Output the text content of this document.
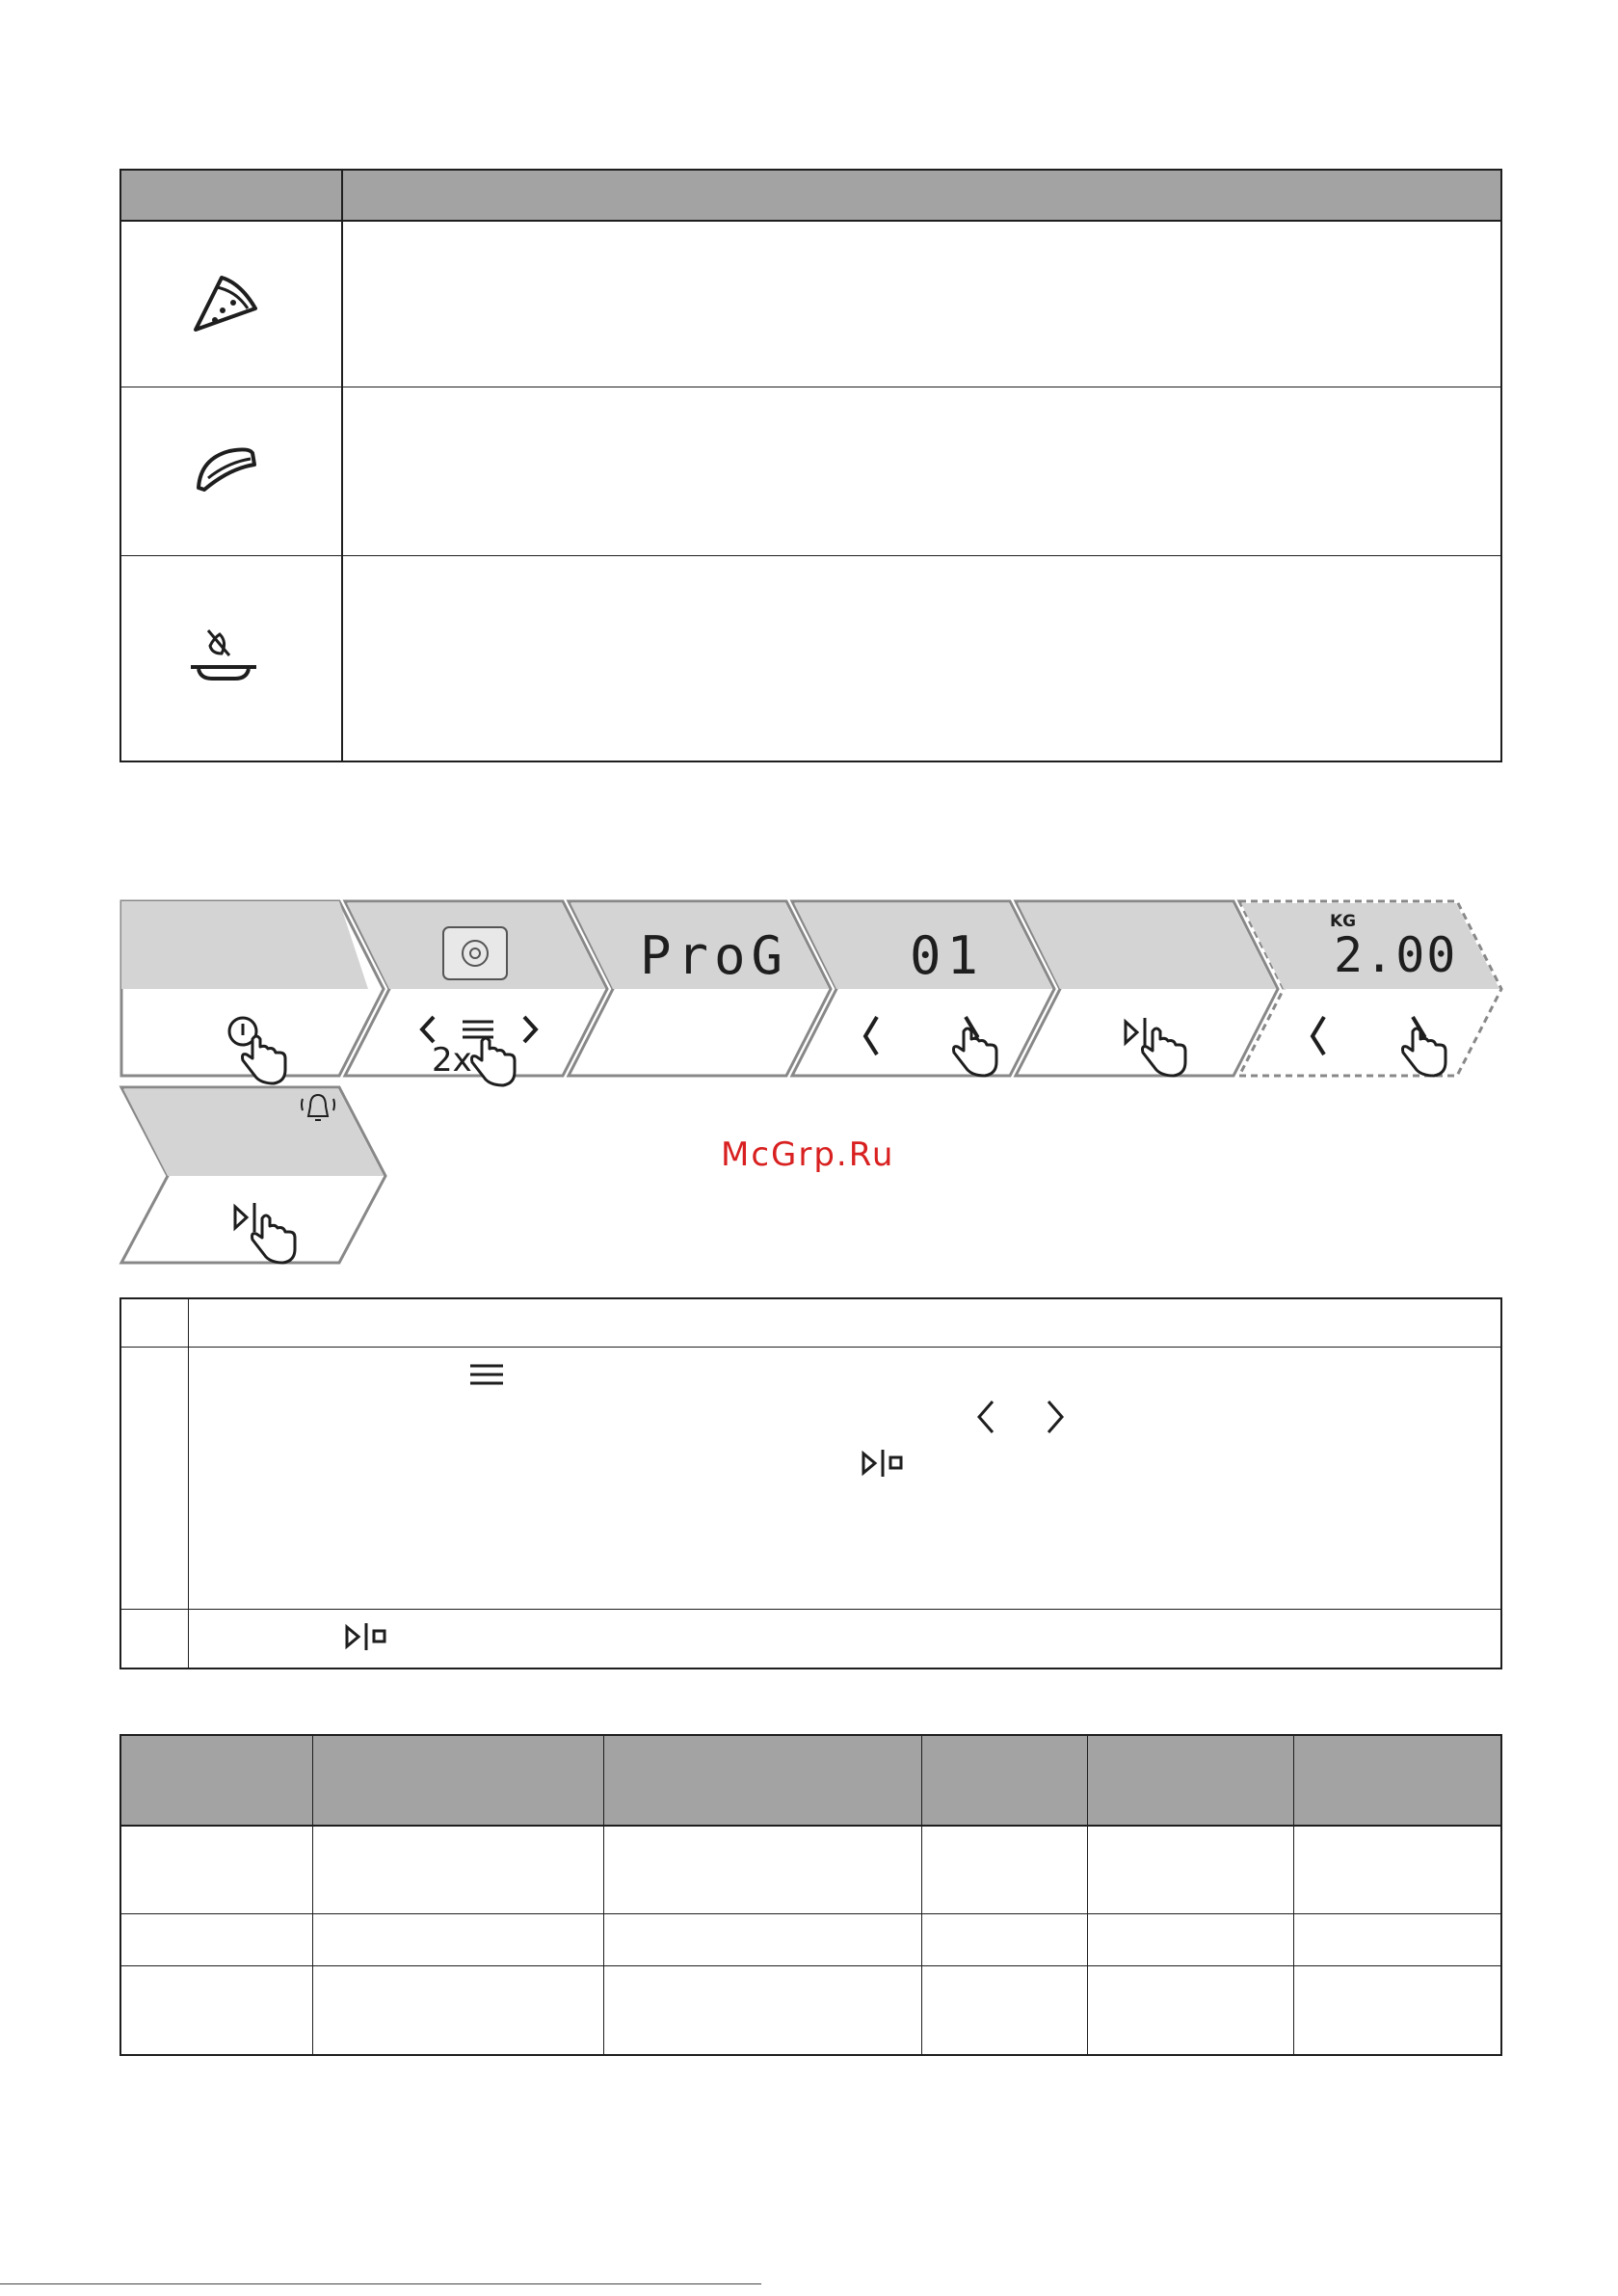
ProG 01
KG
2.00
2x
McGrp.Ru
